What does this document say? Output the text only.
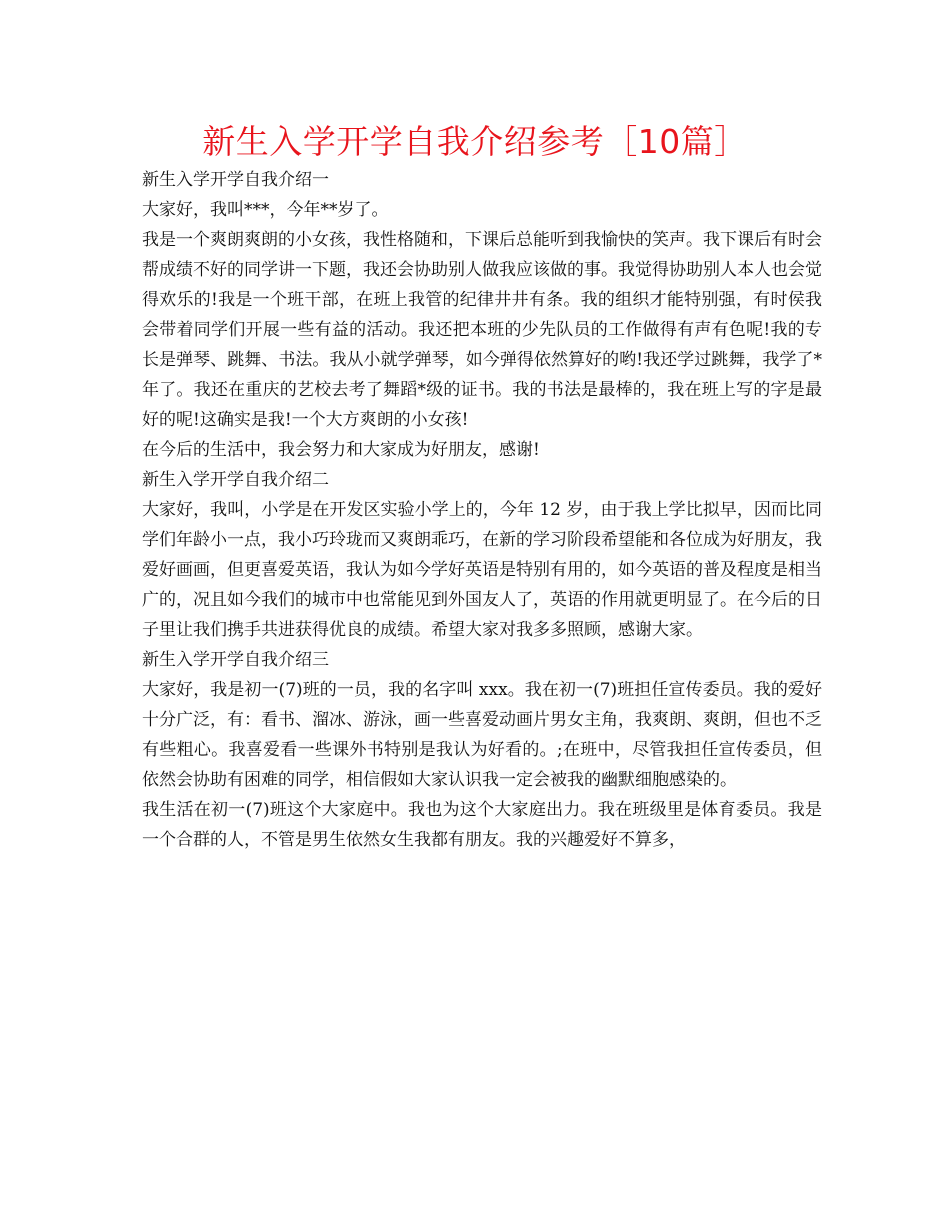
新生入学开学自我介绍参考［10篇］

新生入学开学自我介绍一

大家好，我叫***，今年**岁了。

我是一个爽朗爽朗的小女孩，我性格随和，下课后总能听到我愉快的笑声。我下课后有时会帮成绩不好的同学讲一下题，我还会协助别人做我应该做的事。我觉得协助别人本人也会觉得欢乐的!我是一个班干部，在班上我管的纪律井井有条。我的组织才能特别强，有时侯我会带着同学们开展一些有益的活动。我还把本班的少先队员的工作做得有声有色呢!我的专长是弹琴、跳舞、书法。我从小就学弹琴，如今弹得依然算好的哟!我还学过跳舞，我学了*年了。我还在重庆的艺校去考了舞蹈*级的证书。我的书法是最棒的，我在班上写的字是最好的呢!这确实是我!一个大方爽朗的小女孩!

在今后的生活中，我会努力和大家成为好朋友，感谢!

新生入学开学自我介绍二

大家好，我叫，小学是在开发区实验小学上的，今年 12 岁，由于我上学比拟早，因而比同学们年龄小一点，我小巧玲珑而又爽朗乖巧，在新的学习阶段希望能和各位成为好朋友，我爱好画画，但更喜爱英语，我认为如今学好英语是特别有用的，如今英语的普及程度是相当广的，况且如今我们的城市中也常能见到外国友人了，英语的作用就更明显了。在今后的日子里让我们携手共进获得优良的成绩。希望大家对我多多照顾，感谢大家。

新生入学开学自我介绍三

大家好，我是初一(7)班的一员，我的名字叫 xxx。我在初一(7)班担任宣传委员。我的爱好十分广泛，有：看书、溜冰、游泳，画一些喜爱动画片男女主角，我爽朗、爽朗，但也不乏有些粗心。我喜爱看一些课外书特别是我认为好看的。;在班中，尽管我担任宣传委员，但依然会协助有困难的同学，相信假如大家认识我一定会被我的幽默细胞感染的。

我生活在初一(7)班这个大家庭中。我也为这个大家庭出力。我在班级里是体育委员。我是一个合群的人，不管是男生依然女生我都有朋友。我的兴趣爱好不算多，
